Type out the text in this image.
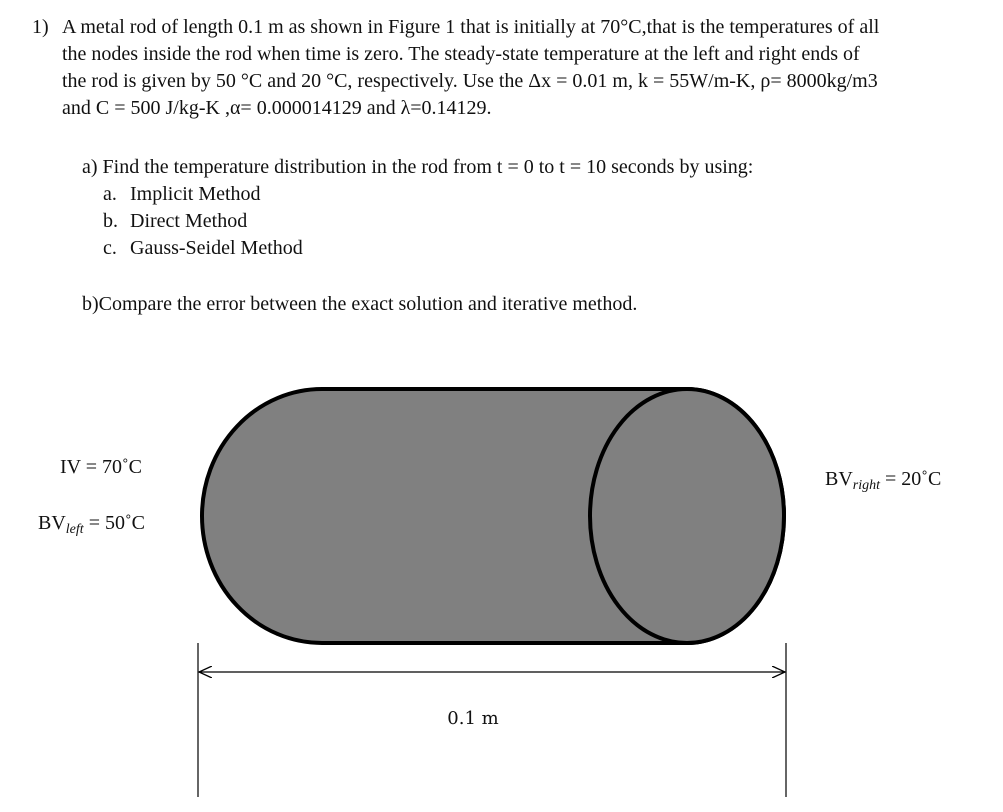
1) A metal rod of length 0.1 m as shown in Figure 1 that is initially at 70°C,that is the temperatures of all
the nodes inside the rod when time is zero. The steady-state temperature at the left and right ends of
the rod is given by 50 °C and 20 °C, respectively. Use the Δx = 0.01 m, k = 55W/m-K, ρ= 8000kg/m3
and C = 500 J/kg-K ,α= 0.000014129 and λ=0.14129.
a) Find the temperature distribution in the rod from t = 0 to t = 10 seconds by using:
a. Implicit Method
b. Direct Method
c. Gauss-Seidel Method
b)Compare the error between the exact solution and iterative method.
0.1 m
IV = 70˚C
$BV_{left}$ = 50˚C
$BV_{right}$ = 20˚C
